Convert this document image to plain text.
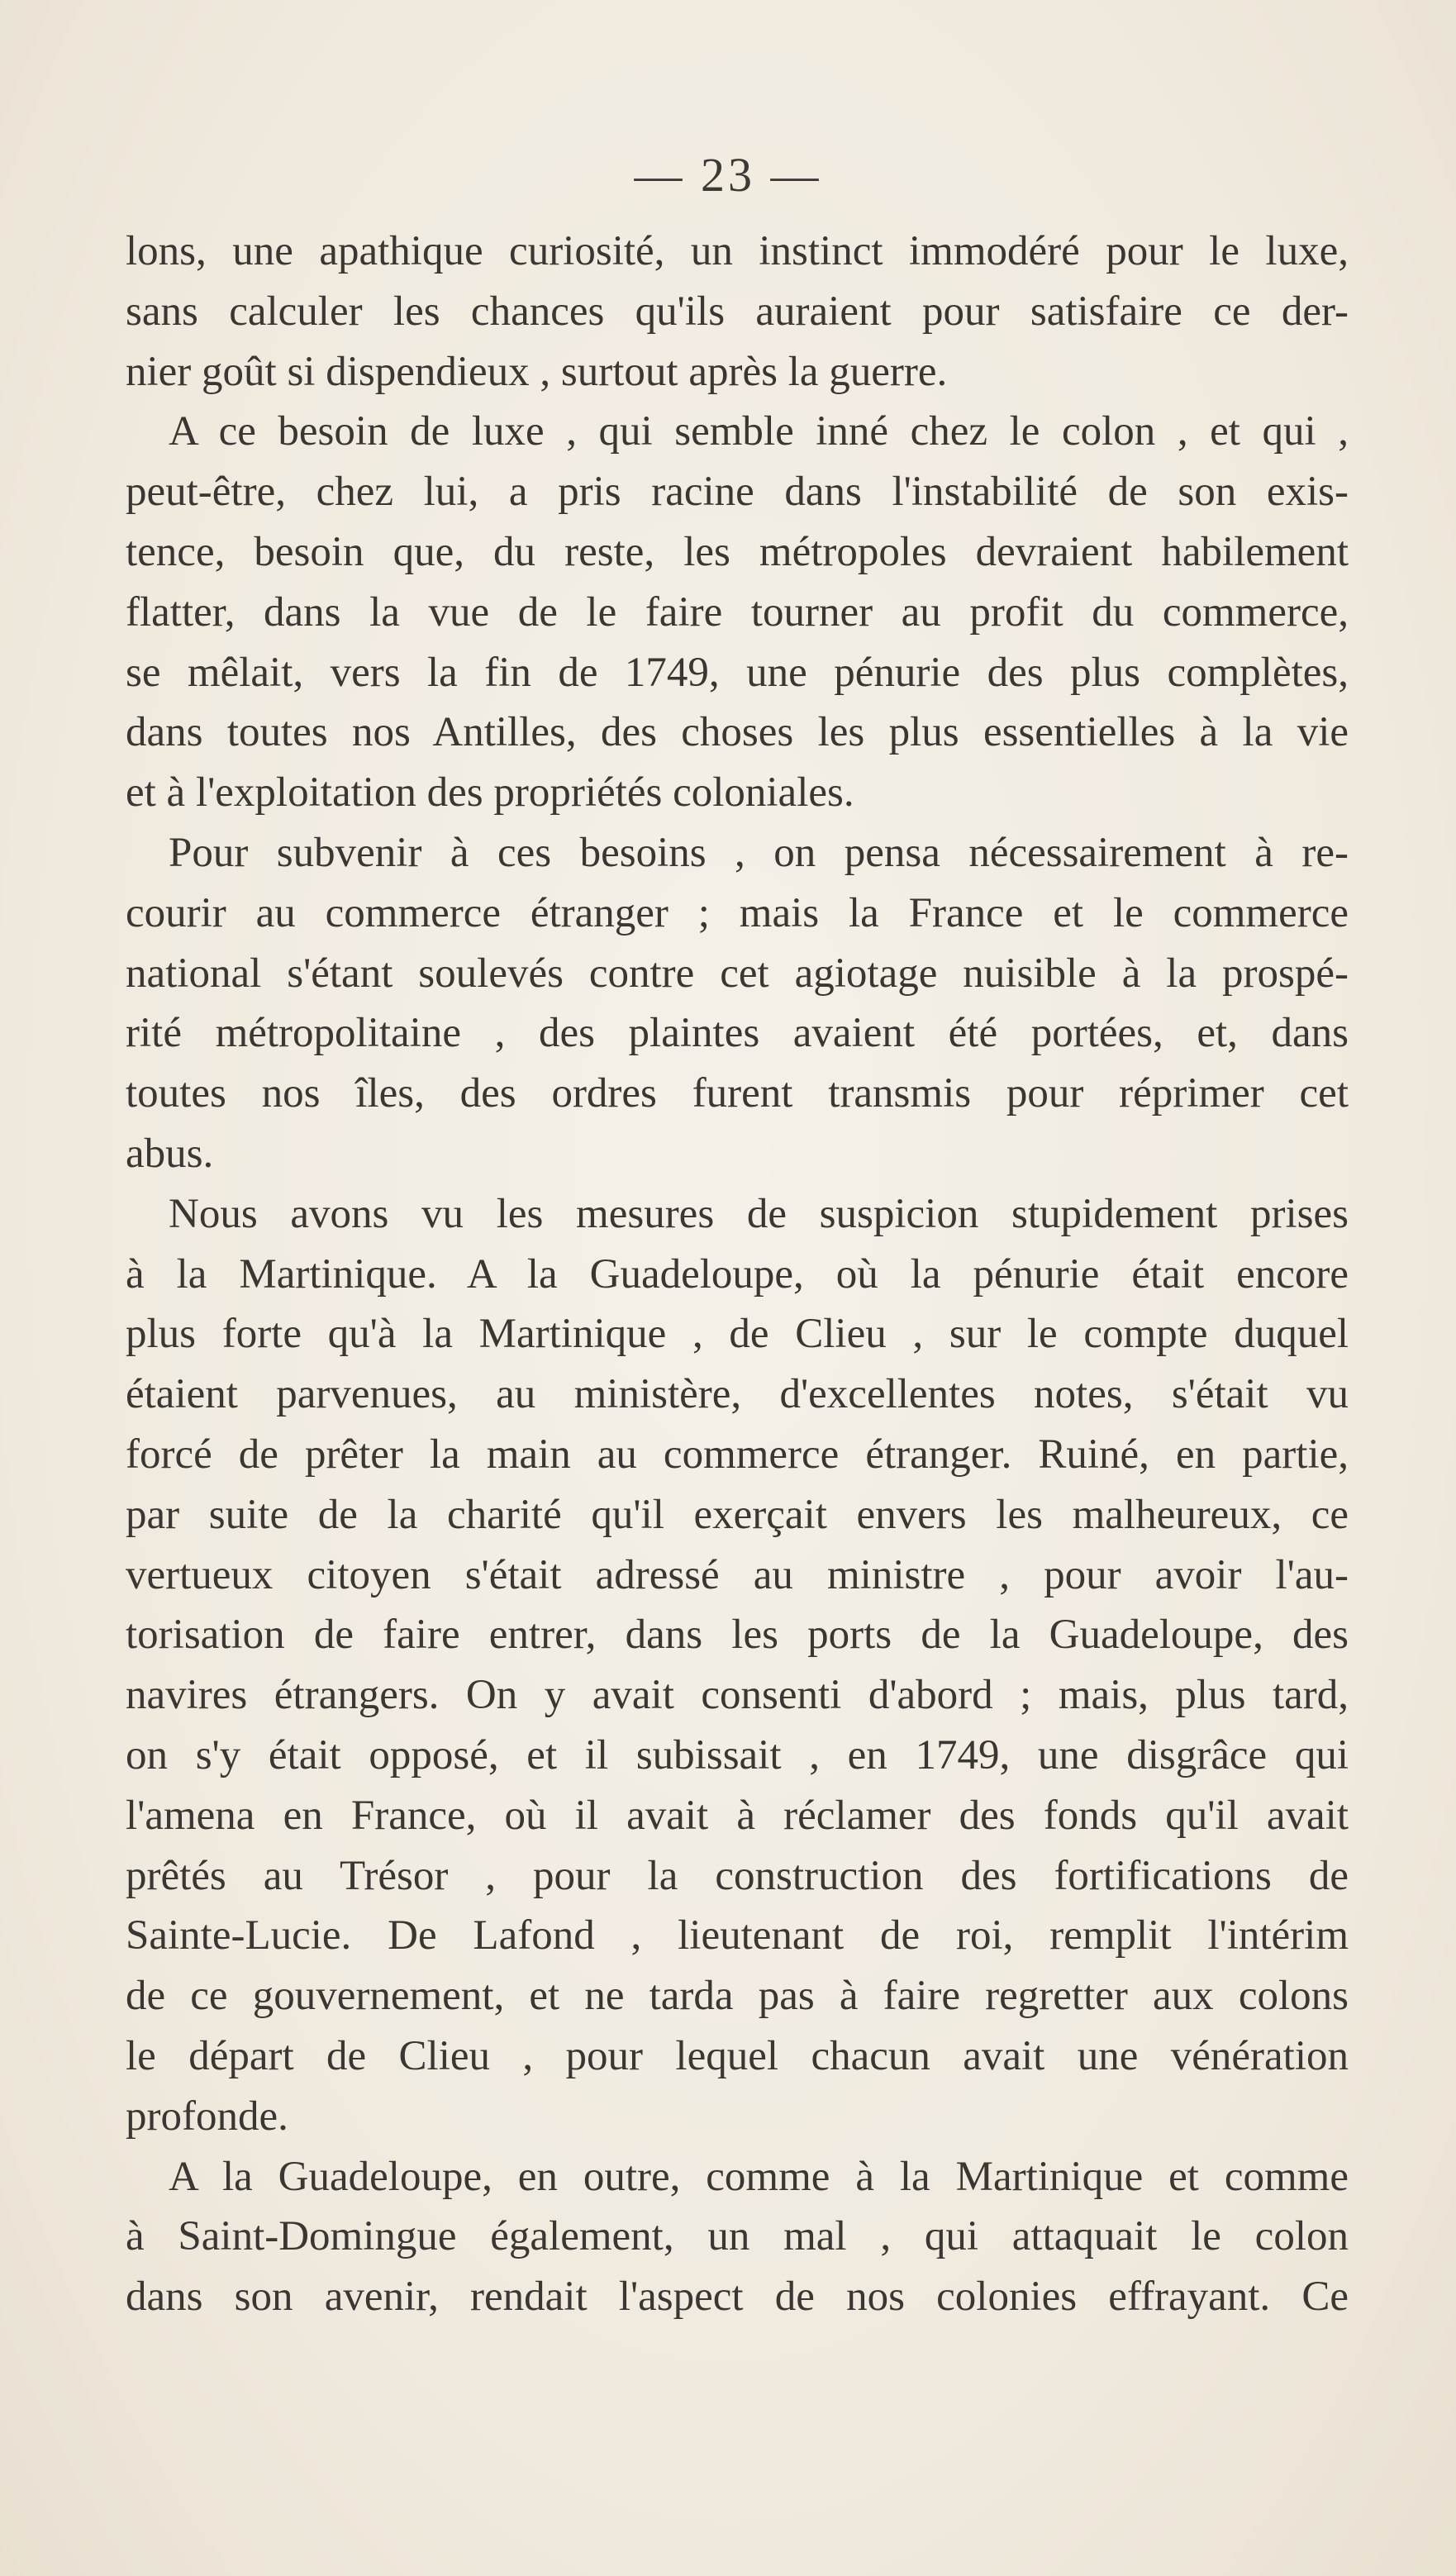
— 23 —
lons, une apathique curiosité, un instinct immodéré pour le luxe,
sans calculer les chances qu'ils auraient pour satisfaire ce der-
nier goût si dispendieux , surtout après la guerre.
A ce besoin de luxe , qui semble inné chez le colon , et qui ,
peut-être, chez lui, a pris racine dans l'instabilité de son exis-
tence, besoin que, du reste, les métropoles devraient habilement
flatter, dans la vue de le faire tourner au profit du commerce,
se mêlait, vers la fin de 1749, une pénurie des plus complètes,
dans toutes nos Antilles, des choses les plus essentielles à la vie
et à l'exploitation des propriétés coloniales.
Pour subvenir à ces besoins , on pensa nécessairement à re-
courir au commerce étranger ; mais la France et le commerce
national s'étant soulevés contre cet agiotage nuisible à la prospé-
rité métropolitaine , des plaintes avaient été portées, et, dans
toutes nos îles, des ordres furent transmis pour réprimer cet
abus.
Nous avons vu les mesures de suspicion stupidement prises
à la Martinique. A la Guadeloupe, où la pénurie était encore
plus forte qu'à la Martinique , de Clieu , sur le compte duquel
étaient parvenues, au ministère, d'excellentes notes, s'était vu
forcé de prêter la main au commerce étranger. Ruiné, en partie,
par suite de la charité qu'il exerçait envers les malheureux, ce
vertueux citoyen s'était adressé au ministre , pour avoir l'au-
torisation de faire entrer, dans les ports de la Guadeloupe, des
navires étrangers. On y avait consenti d'abord ; mais, plus tard,
on s'y était opposé, et il subissait , en 1749, une disgrâce qui
l'amena en France, où il avait à réclamer des fonds qu'il avait
prêtés au Trésor , pour la construction des fortifications de
Sainte-Lucie. De Lafond , lieutenant de roi, remplit l'intérim
de ce gouvernement, et ne tarda pas à faire regretter aux colons
le départ de Clieu , pour lequel chacun avait une vénération
profonde.
A la Guadeloupe, en outre, comme à la Martinique et comme
à Saint-Domingue également, un mal , qui attaquait le colon
dans son avenir, rendait l'aspect de nos colonies effrayant. Ce
